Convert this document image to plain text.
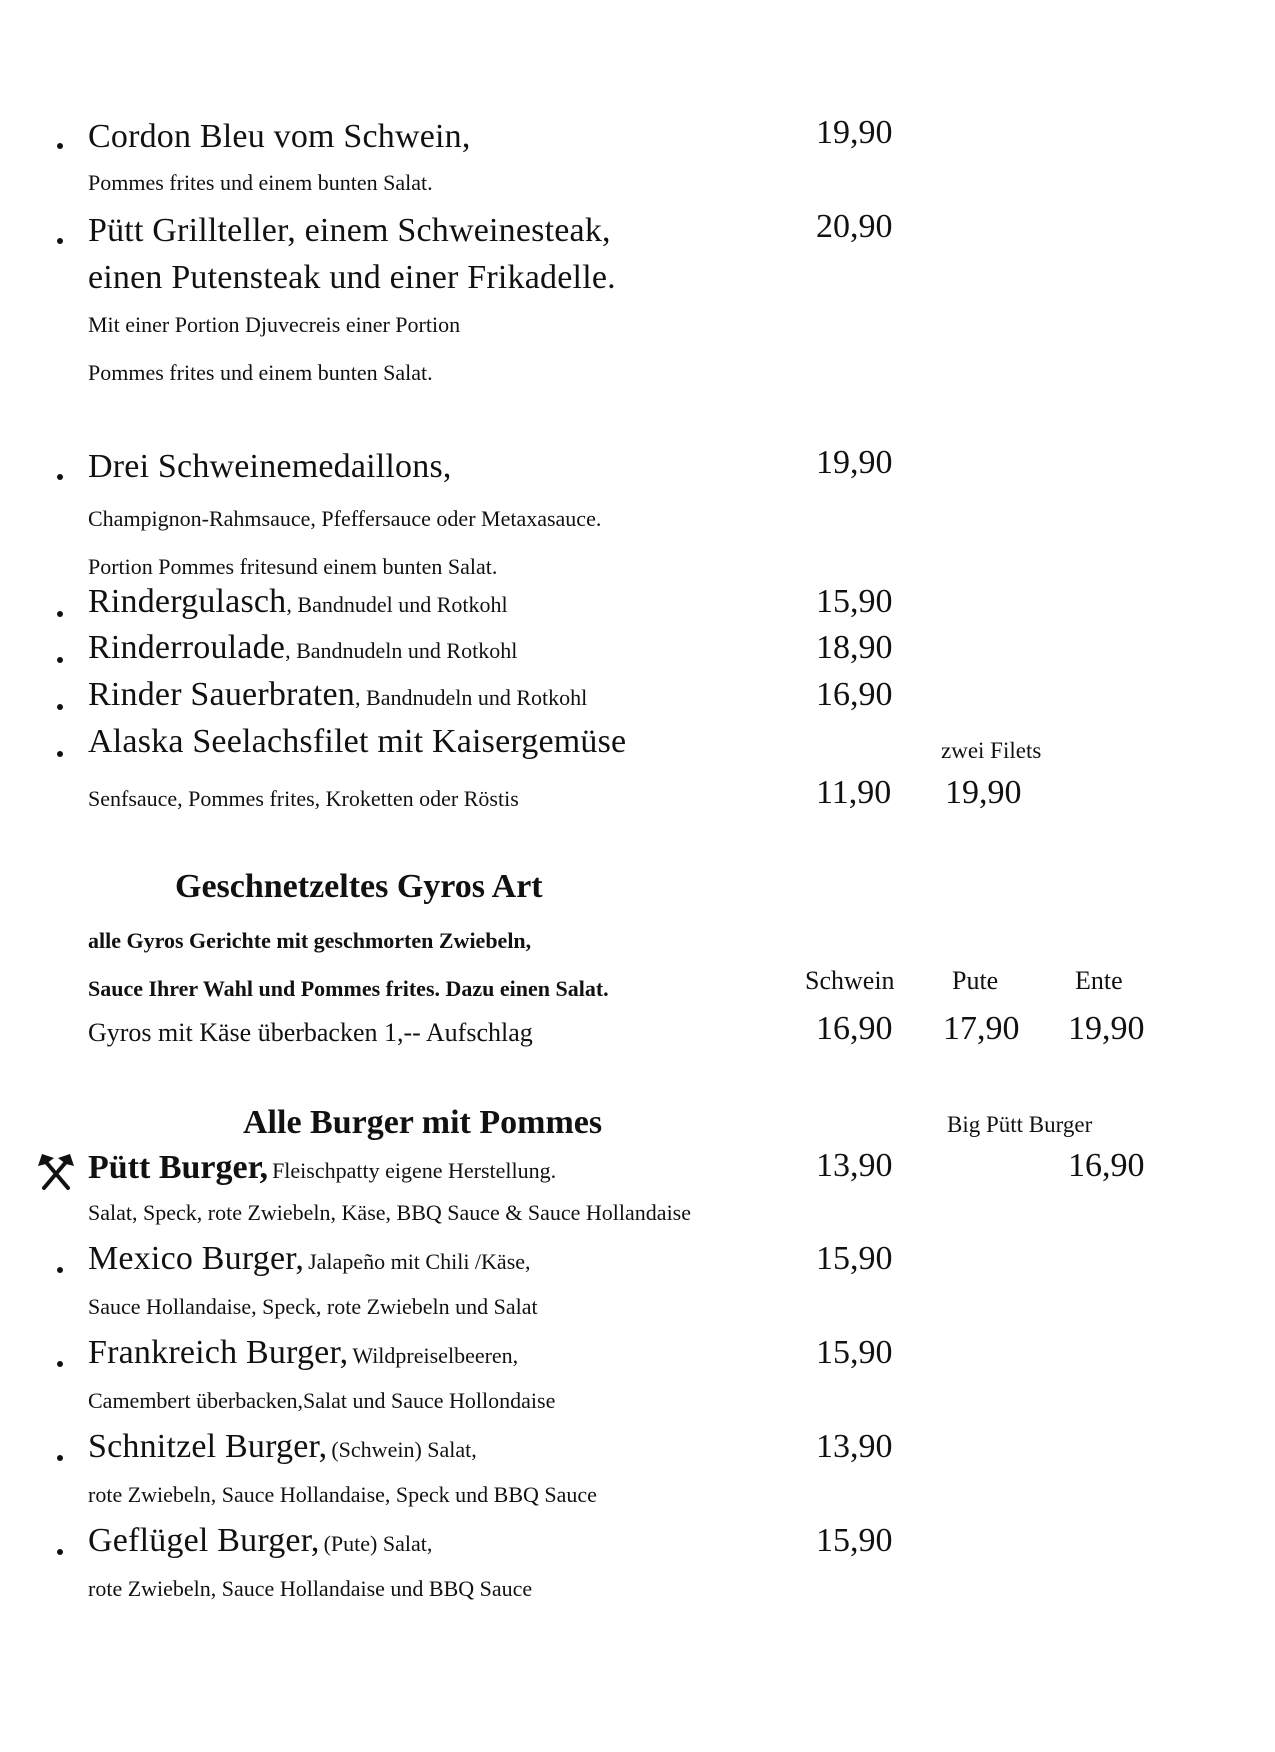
Cordon Bleu vom Schwein,	19,90
Pommes frites und einem bunten Salat.
Pütt Grillteller, einem Schweinesteak,	20,90
einen Putensteak und einer Frikadelle.
Mit einer Portion Djuvecreis einer Portion
Pommes frites und einem bunten Salat.
Drei Schweinemedaillons,	19,90
Champignon-Rahmsauce, Pfeffersauce oder Metaxasauce.
Portion Pommes fritesund einem bunten Salat.
Rindergulasch, Bandnudel und Rotkohl	15,90
Rinderroulade, Bandnudeln und Rotkohl	18,90
Rinder Sauerbraten, Bandnudeln und Rotkohl	16,90
Alaska Seelachsfilet mit Kaisergemüse	zwei Filets
Senfsauce, Pommes frites, Kroketten oder Röstis	11,90 19,90
Geschnetzeltes Gyros Art
alle Gyros Gerichte mit geschmorten Zwiebeln,
Sauce Ihrer Wahl und Pommes frites. Dazu einen Salat.	Schwein Pute	Ente
Gyros mit Käse überbacken 1,-- Aufschlag	16,90 17,90 19,90
Alle Burger mit Pommes	Big Pütt Burger
Pütt Burger, Fleischpatty eigene Herstellung.	13,90	16,90
Salat, Speck, rote Zwiebeln, Käse, BBQ Sauce & Sauce Hollandaise
Mexico Burger, Jalapeño mit Chili /Käse,	15,90
Sauce Hollandaise, Speck, rote Zwiebeln und Salat
Frankreich Burger, Wildpreiselbeeren,	15,90
Camembert überbacken,Salat und Sauce Hollondaise
Schnitzel Burger, (Schwein) Salat,	13,90
rote Zwiebeln, Sauce Hollandaise, Speck und BBQ Sauce
Geflügel Burger, (Pute) Salat,	15,90
rote Zwiebeln, Sauce Hollandaise und BBQ Sauce
